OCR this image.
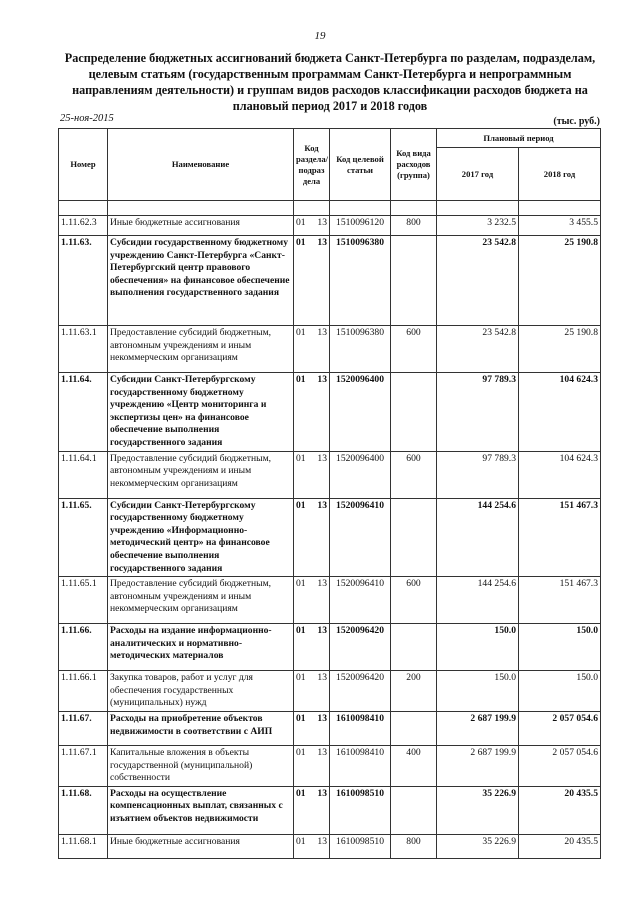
19
Распределение бюджетных ассигнований бюджета Санкт-Петербурга по разделам, подразделам, целевым статьям (государственным программам Санкт-Петербурга и непрограммным направлениям деятельности) и группам видов расходов классификации расходов бюджета на плановый период 2017 и 2018 годов
25-ноя-2015	(тыс. руб.)
Номер	Наименование	Код раздела/ подраз дела	Код целевой статьи	Код вида расходов (группа)	Плановый период	
					2017 год	2018 год

1.11.62.3	Иные бюджетные ассигнования	01 13	1510096120	800	3 232.5	3 455.5
1.11.63.	Субсидии государственному бюджетному учреждению Санкт-Петербурга «Санкт-Петербургский центр правового обеспечения» на финансовое обеспечение выполнения государственного задания	01 13	1510096380		23 542.8	25 190.8
1.11.63.1	Предоставление субсидий бюджетным, автономным учреждениям и иным некоммерческим организациям	01 13	1510096380	600	23 542.8	25 190.8
1.11.64.	Субсидии Санкт-Петербургскому государственному бюджетному учреждению «Центр мониторинга и экспертизы цен» на финансовое обеспечение выполнения государственного задания	01 13	1520096400		97 789.3	104 624.3
1.11.64.1	Предоставление субсидий бюджетным, автономным учреждениям и иным некоммерческим организациям	01 13	1520096400	600	97 789.3	104 624.3
1.11.65.	Субсидии Санкт-Петербургскому государственному бюджетному учреждению «Информационно-методический центр» на финансовое обеспечение выполнения государственного задания	01 13	1520096410		144 254.6	151 467.3
1.11.65.1	Предоставление субсидий бюджетным, автономным учреждениям и иным некоммерческим организациям	01 13	1520096410	600	144 254.6	151 467.3
1.11.66.	Расходы на издание информационно-аналитических и нормативно-методических материалов	01 13	1520096420		150.0	150.0
1.11.66.1	Закупка товаров, работ и услуг для обеспечения государственных (муниципальных) нужд	01 13	1520096420	200	150.0	150.0
1.11.67.	Расходы на приобретение объектов недвижимости в соответствии с АИП	01 13	1610098410		2 687 199.9	2 057 054.6
1.11.67.1	Капитальные вложения в объекты государственной (муниципальной) собственности	01 13	1610098410	400	2 687 199.9	2 057 054.6
1.11.68.	Расходы на осуществление компенсационных выплат, связанных с изъятием объектов недвижимости	01 13	1610098510		35 226.9	20 435.5
1.11.68.1	Иные бюджетные ассигнования	01 13	1610098510	800	35 226.9	20 435.5
